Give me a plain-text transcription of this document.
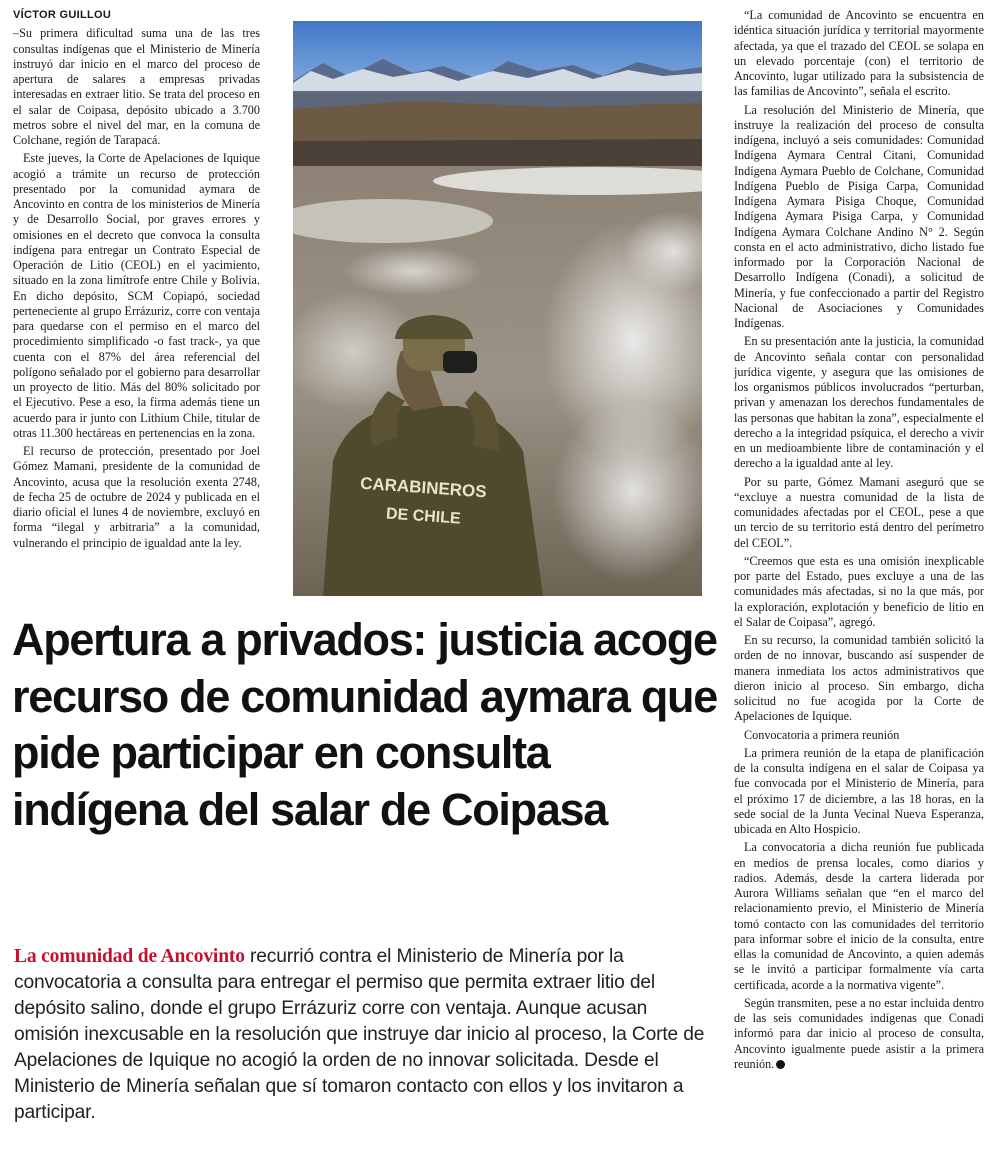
VÍCTOR GUILLOU

–Su primera dificultad suma una de las tres consultas indígenas que el Ministerio de Minería instruyó dar inicio en el marco del proceso de apertura de salares a empresas privadas interesadas en extraer litio. Se trata del proceso en el salar de Coipasa, depósito ubicado a 3.700 metros sobre el nivel del mar, en la comuna de Colchane, región de Tarapacá.

Este jueves, la Corte de Apelaciones de Iquique acogió a trámite un recurso de protección presentado por la comunidad aymara de Ancovinto en contra de los ministerios de Minería y de Desarrollo Social, por graves errores y omisiones en el decreto que convoca la consulta indígena para entregar un Contrato Especial de Operación de Litio (CEOL) en el yacimiento, situado en la zona limítrofe entre Chile y Bolivia. En dicho depósito, SCM Copiapó, sociedad perteneciente al grupo Errázuriz, corre con ventaja para quedarse con el permiso en el marco del procedimiento simplificado -o fast track-, ya que cuenta con el 87% del área referencial del polígono señalado por el gobierno para desarrollar un proyecto de litio. Más del 80% solicitado por el Ejecutivo. Pese a eso, la firma además tiene un acuerdo para ir junto con Lithium Chile, titular de otras 11.300 hectáreas en pertenencias en la zona.

El recurso de protección, presentado por Joel Gómez Mamani, presidente de la comunidad de Ancovinto, acusa que la resolución exenta 2748, de fecha 25 de octubre de 2024 y publicada en el diario oficial el lunes 4 de noviembre, excluyó en forma “ilegal y arbitraria” a la comunidad, vulnerando el principio de igualdad ante la ley.

CARABINEROS
DE CHILE
Apertura a privados: justicia acoge recurso de comunidad aymara que pide participar en consulta indígena del salar de Coipasa

La comunidad de Ancovinto recurrió contra el Ministerio de Minería por la convocatoria a consulta para entregar el permiso que permita extraer litio del depósito salino, donde el grupo Errázuriz corre con ventaja. Aunque acusan omisión inexcusable en la resolución que instruye dar inicio al proceso, la Corte de Apelaciones de Iquique no acogió la orden de no innovar solicitada. Desde el Ministerio de Minería señalan que sí tomaron contacto con ellos y los invitaron a participar.

“La comunidad de Ancovinto se encuentra en idéntica situación jurídica y territorial mayormente afectada, ya que el trazado del CEOL se solapa en un elevado porcentaje (con) el territorio de Ancovinto, lugar utilizado para la subsistencia de las familias de Ancovinto”, señala el escrito.

La resolución del Ministerio de Minería, que instruye la realización del proceso de consulta indígena, incluyó a seis comunidades: Comunidad Indígena Aymara Central Citani, Comunidad Indígena Aymara Pueblo de Colchane, Comunidad Indígena Pueblo de Pisiga Carpa, Comunidad Indígena Aymara Pisiga Choque, Comunidad Indígena Aymara Pisiga Carpa, y Comunidad Indígena Aymara Colchane Andino N° 2. Según consta en el acto administrativo, dicho listado fue informado por la Corporación Nacional de Desarrollo Indígena (Conadi), a solicitud de Minería, y fue confeccionado a partir del Registro Nacional de Asociaciones y Comunidades Indígenas.

En su presentación ante la justicia, la comunidad de Ancovinto señala contar con personalidad jurídica vigente, y asegura que las omisiones de los organismos públicos involucrados “perturban, privan y amenazan los derechos fundamentales de las personas que habitan la zona”, especialmente el derecho a la integridad psíquica, el derecho a vivir en un medioambiente libre de contaminación y el derecho a la igualdad ante al ley.

Por su parte, Gómez Mamani aseguró que se “excluye a nuestra comunidad de la lista de comunidades afectadas por el CEOL, pese a que un tercio de su territorio está dentro del perímetro del CEOL”.

“Creemos que esta es una omisión inexplicable por parte del Estado, pues excluye a una de las comunidades más afectadas, si no la que más, por la exploración, explotación y beneficio de litio en el Salar de Coipasa”, agregó.

En su recurso, la comunidad también solicitó la orden de no innovar, buscando así suspender de manera inmediata los actos administrativos que dieron inicio al proceso. Sin embargo, dicha solicitud no fue acogida por la Corte de Apelaciones de Iquique.

Convocatoria a primera reunión

La primera reunión de la etapa de planificación de la consulta indígena en el salar de Coipasa ya fue convocada por el Ministerio de Minería, para el próximo 17 de diciembre, a las 18 horas, en la sede social de la Junta Vecinal Nueva Esperanza, ubicada en Alto Hospicio.

La convocatoria a dicha reunión fue publicada en medios de prensa locales, como diarios y radios. Además, desde la cartera liderada por Aurora Williams señalan que “en el marco del relacionamiento previo, el Ministerio de Minería tomó contacto con las comunidades del territorio para informar sobre el inicio de la consulta, entre ellas la comunidad de Ancovinto, a quien además se le invitó a participar formalmente vía carta certificada, acorde a la normativa vigente”.

Según transmiten, pese a no estar incluida dentro de las seis comunidades indígenas que Conadi informó para dar inicio al proceso de consulta, Ancovinto igualmente puede asistir a la primera reunión.
